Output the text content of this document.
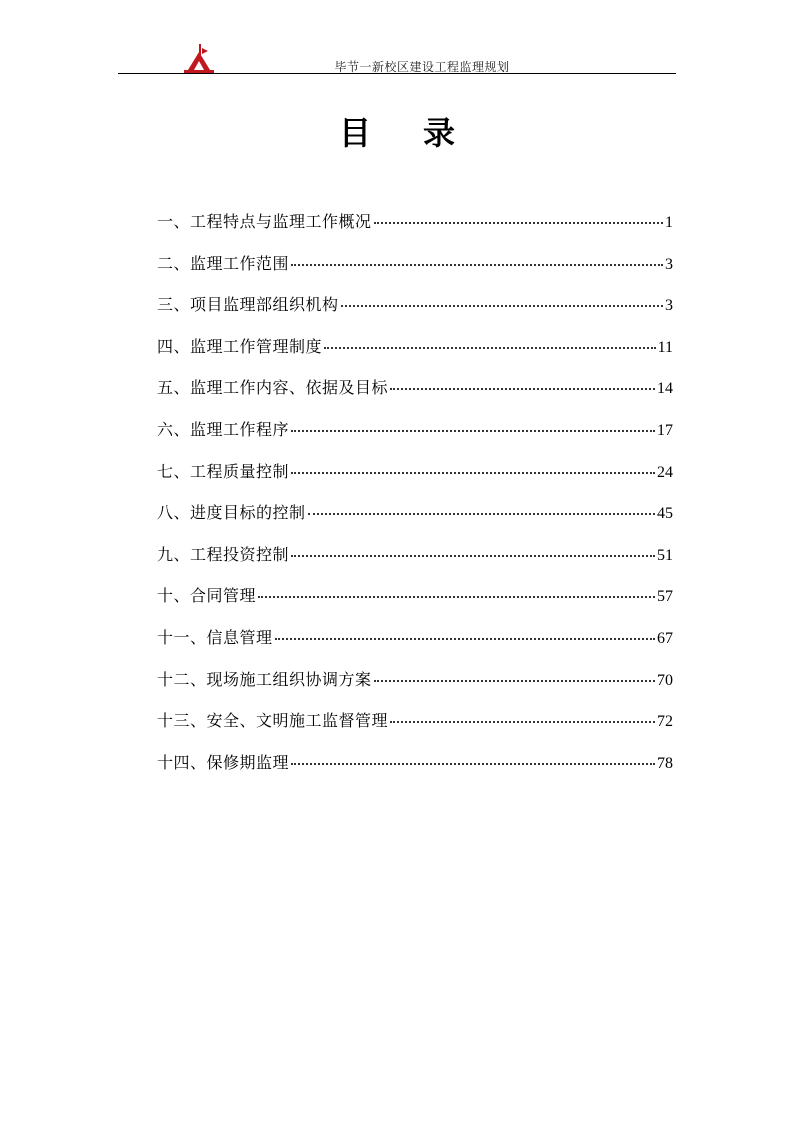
毕节一新校区建设工程监理规划
目录
一、工程特点与监理工作概况	1
二、监理工作范围	3
三、项目监理部组织机构	3
四、监理工作管理制度	11
五、监理工作内容、依据及目标	14
六、监理工作程序	17
七、工程质量控制	24
八、进度目标的控制	45
九、工程投资控制	51
十、合同管理	57
十一、信息管理	67
十二、现场施工组织协调方案	70
十三、安全、文明施工监督管理	72
十四、保修期监理	78
